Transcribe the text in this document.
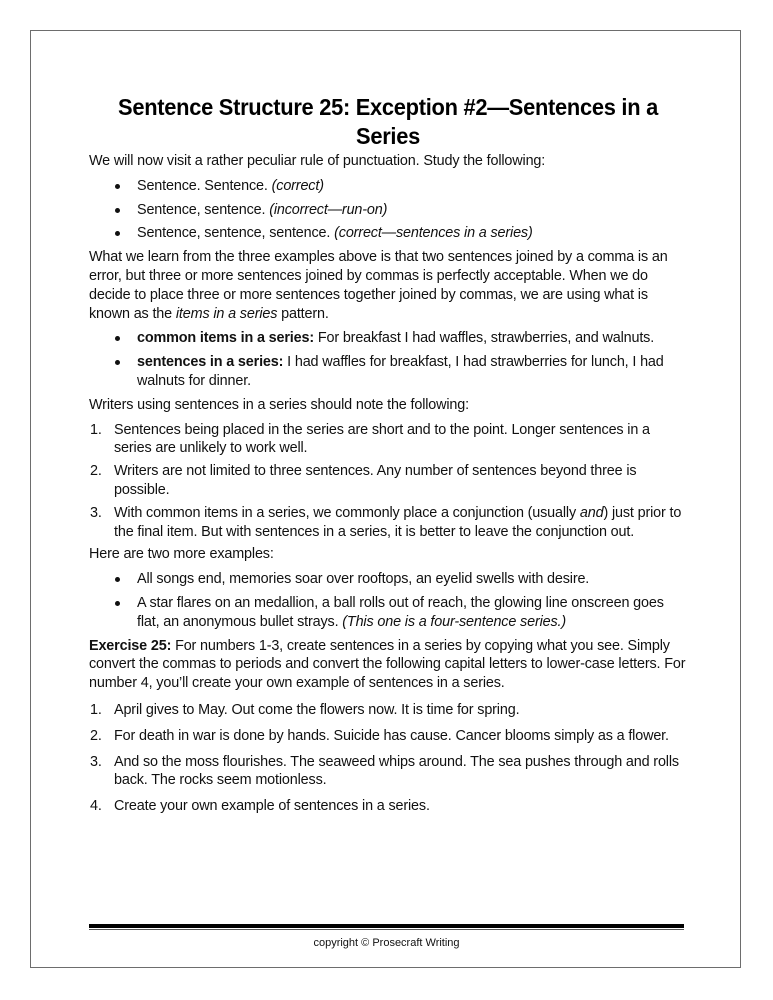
Sentence Structure 25: Exception #2—Sentences in a Series

We will now visit a rather peculiar rule of punctuation. Study the following:

Sentence. Sentence. (correct)
Sentence, sentence. (incorrect—run-on)
Sentence, sentence, sentence. (correct—sentences in a series)

What we learn from the three examples above is that two sentences joined by a comma is an error, but three or more sentences joined by commas is perfectly acceptable. When we do decide to place three or more sentences together joined by commas, we are using what is known as the items in a series pattern.

common items in a series: For breakfast I had waffles, strawberries, and walnuts.
sentences in a series: I had waffles for breakfast, I had strawberries for lunch, I had walnuts for dinner.

Writers using sentences in a series should note the following:

1. Sentences being placed in the series are short and to the point. Longer sentences in a series are unlikely to work well.
2. Writers are not limited to three sentences. Any number of sentences beyond three is possible.
3. With common items in a series, we commonly place a conjunction (usually and) just prior to the final item. But with sentences in a series, it is better to leave the conjunction out.

Here are two more examples:

All songs end, memories soar over rooftops, an eyelid swells with desire.
A star flares on an medallion, a ball rolls out of reach, the glowing line onscreen goes flat, an anonymous bullet strays. (This one is a four-sentence series.)

Exercise 25: For numbers 1-3, create sentences in a series by copying what you see. Simply convert the commas to periods and convert the following capital letters to lower-case letters. For number 4, you’ll create your own example of sentences in a series.

1. April gives to May. Out come the flowers now. It is time for spring.
2. For death in war is done by hands. Suicide has cause. Cancer blooms simply as a flower.
3. And so the moss flourishes. The seaweed whips around. The sea pushes through and rolls back. The rocks seem motionless.
4. Create your own example of sentences in a series.
copyright © Prosecraft Writing
